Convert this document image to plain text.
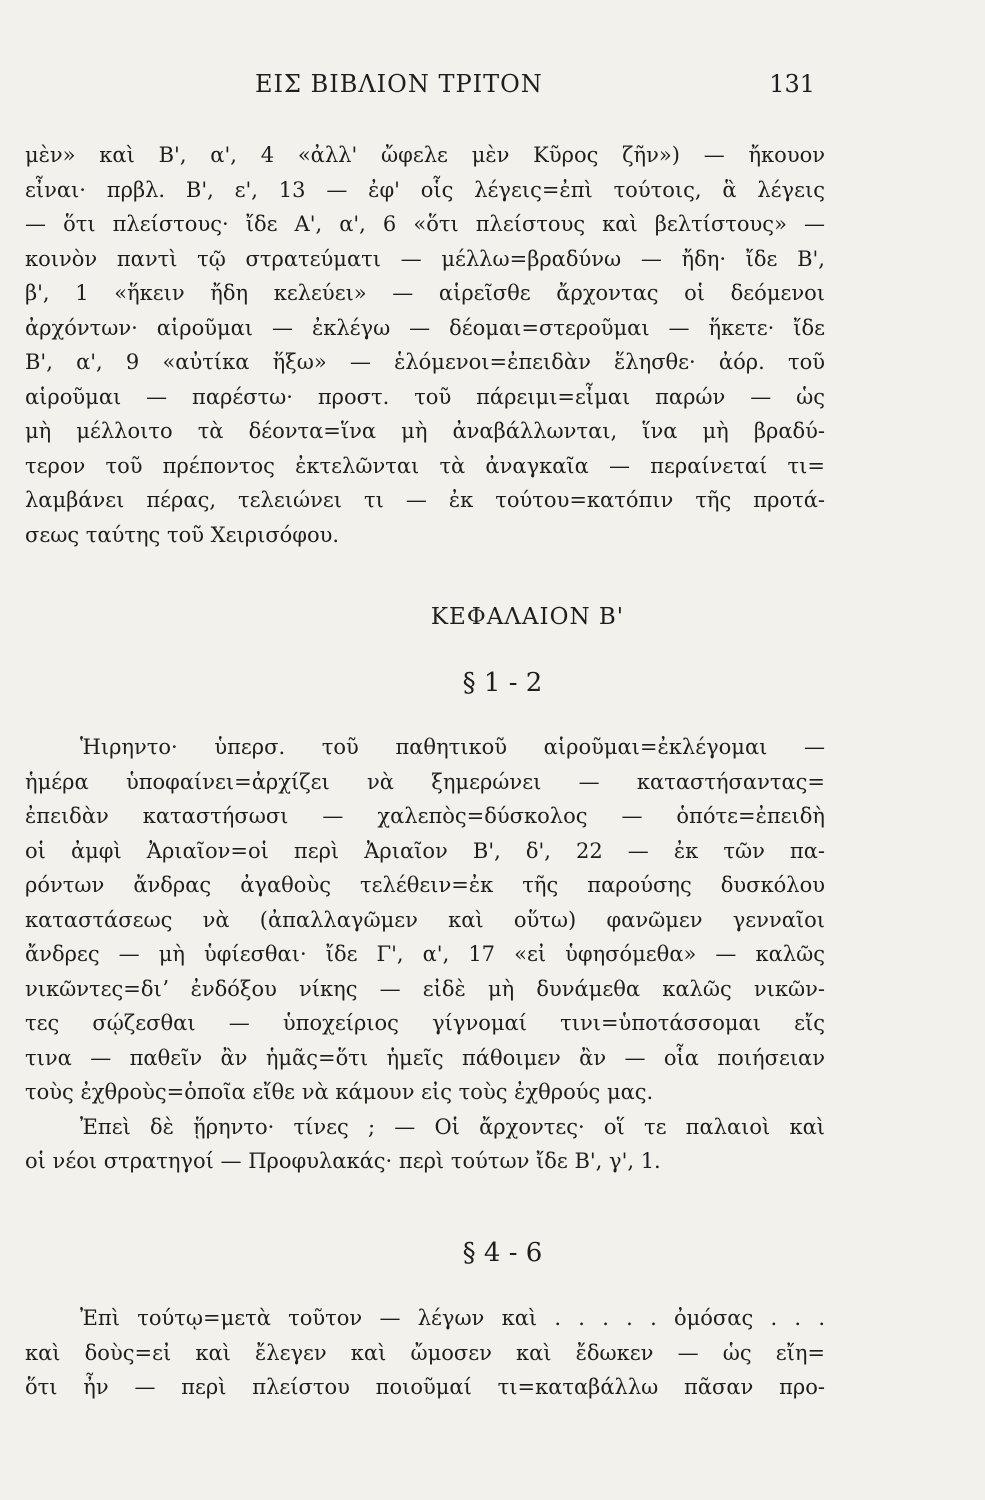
ΕΙΣ ΒΙΒΛΙΟΝ ΤΡΙΤΟΝ	131
μὲν» καὶ Β', α', 4 «ἀλλ' ὤφελε μὲν Κῦρος ζῆν») — ἤκουον
εἶναι· πρβλ. Β', ε', 13 — ἐφ' οἷς λέγεις=ἐπὶ τούτοις, ἃ λέγεις
— ὅτι πλείστους· ἴδε Α', α', 6 «ὅτι πλείστους καὶ βελτίστους» —
κοινὸν παντὶ τῷ στρατεύματι — μέλλω=βραδύνω — ἤδη· ἴδε Β',
β', 1 «ἥκειν ἤδη κελεύει» — αἱρεῖσθε ἄρχοντας οἱ δεόμενοι
ἀρχόντων· αἱροῦμαι — ἐκλέγω — δέομαι=στεροῦμαι — ἥκετε· ἴδε
Β', α', 9 «αὐτίκα ἥξω» — ἑλόμενοι=ἐπειδὰν ἕλησθε· ἀόρ. τοῦ
αἱροῦμαι — παρέστω· προστ. τοῦ πάρειμι=εἶμαι παρών — ὡς
μὴ μέλλοιτο τὰ δέοντα=ἵνα μὴ ἀναβάλλωνται, ἵνα μὴ βραδύ-
τερον τοῦ πρέποντος ἐκτελῶνται τὰ ἀναγκαῖα — περαίνεταί τι=
λαμβάνει πέρας, τελειώνει τι — ἐκ τούτου=κατόπιν τῆς προτά-
σεως ταύτης τοῦ Χειρισόφου.
ΚΕΦΑΛΑΙΟΝ Β'
§ 1 - 2
Ἡιρηντο· ὑπερσ. τοῦ παθητικοῦ αἱροῦμαι=ἐκλέγομαι —
ἡμέρα ὑποφαίνει=ἀρχίζει νὰ ξημερώνει — καταστήσαντας=
ἐπειδὰν καταστήσωσι — χαλεπὸς=δύσκολος — ὁπότε=ἐπειδὴ
οἱ ἀμφὶ Ἀριαῖον=οἱ περὶ Ἀριαῖον Β', δ', 22 — ἐκ τῶν πα-
ρόντων ἄνδρας ἀγαθοὺς τελέθειν=ἐκ τῆς παρούσης δυσκόλου
καταστάσεως νὰ (ἀπαλλαγῶμεν καὶ οὕτω) φανῶμεν γενναῖοι
ἄνδρες — μὴ ὑφίεσθαι· ἴδε Γ', α', 17 «εἰ ὑφησόμεθα» — καλῶς
νικῶντες=διʼ ἐνδόξου νίκης — εἰδὲ μὴ δυνάμεθα καλῶς νικῶν-
τες σῴζεσθαι — ὑποχείριος γίγνομαί τινι=ὑποτάσσομαι εἴς
τινα — παθεῖν ἂν ἡμᾶς=ὅτι ἡμεῖς πάθοιμεν ἂν — οἷα ποιήσειαν
τοὺς ἐχθροὺς=ὁποῖα εἴθε νὰ κάμουν εἰς τοὺς ἐχθρούς μας.
Ἐπεὶ δὲ ᾕρηντο· τίνες ; — Οἱ ἄρχοντες· οἵ τε παλαιοὶ καὶ
οἱ νέοι στρατηγοί — Προφυλακάς· περὶ τούτων ἴδε Β', γ', 1.
§ 4 - 6
Ἐπὶ τούτῳ=μετὰ τοῦτον — λέγων καὶ . . . . . ὀμόσας . . .
καὶ δοὺς=εἰ καὶ ἔλεγεν καὶ ὤμοσεν καὶ ἔδωκεν — ὡς εἴη=
ὅτι ἦν — περὶ πλείστου ποιοῦμαί τι=καταβάλλω πᾶσαν προ-
